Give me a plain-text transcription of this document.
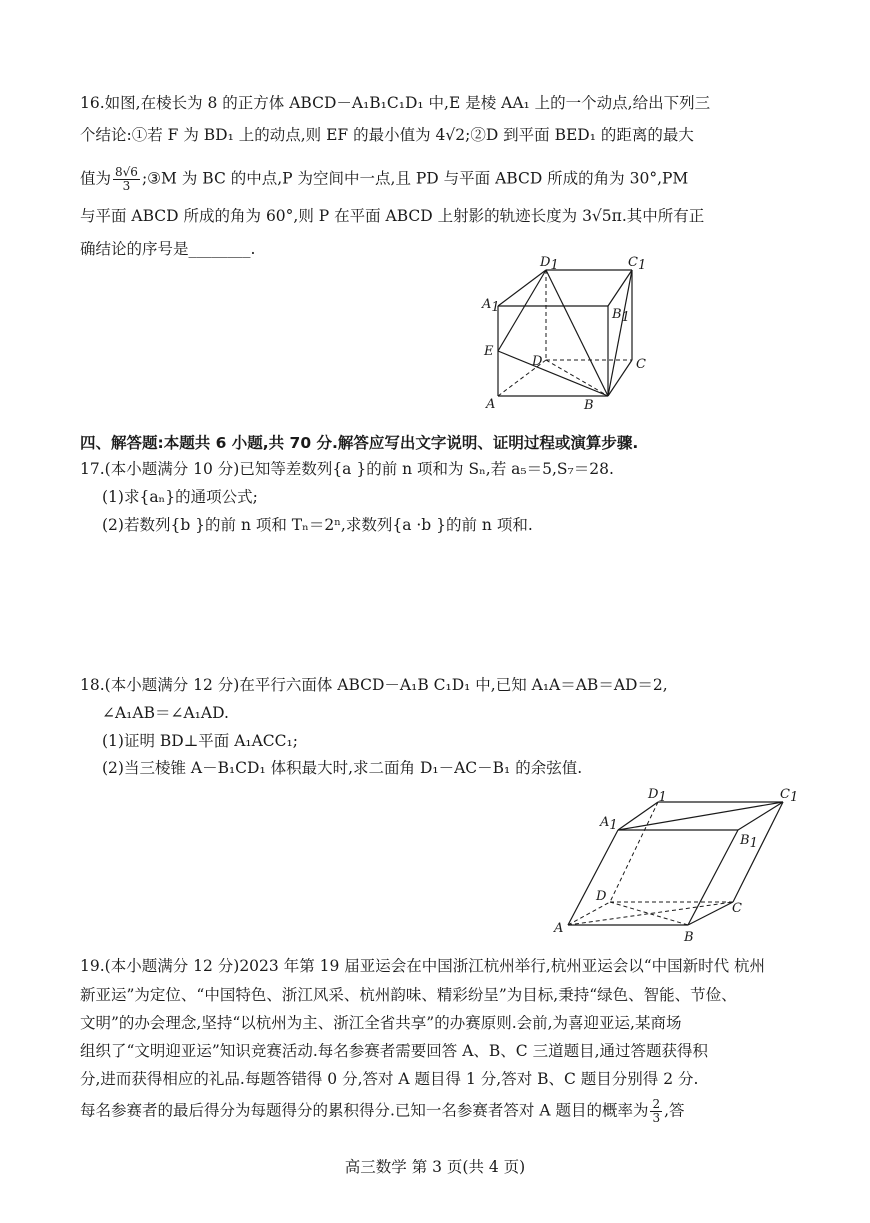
16.如图,在棱长为 8 的正方体 ABCD－A₁B₁C₁D₁ 中,E 是棱 AA₁ 上的一个动点,给出下列三
个结论:①若 F 为 BD₁ 上的动点,则 EF 的最小值为 4√2;②D 到平面 BED₁ 的距离的最大
值为 $\frac{8√6}{3}$ ;③M 为 BC 的中点,P 为空间中一点,且 PD 与平面 ABCD 所成的角为 30°,PM
与平面 ABCD 所成的角为 60°,则 P 在平面 ABCD 上射影的轨迹长度为 3√5π.其中所有正
确结论的序号是________.
D1	C1
A1	B1
E
D	C
A	B
四、解答题:本题共 6 小题,共 70 分.解答应写出文字说明、证明过程或演算步骤.
17.(本小题满分 10 分)已知等差数列{a }的前 n 项和为 Sₙ,若 a₅＝5,S₇＝28.
(1)求{aₙ}的通项公式;
(2)若数列{b }的前 n 项和 Tₙ＝2ⁿ,求数列{a ·b }的前 n 项和.
18.(本小题满分 12 分)在平行六面体 ABCD－A₁B C₁D₁ 中,已知 A₁A＝AB＝AD＝2,
∠A₁AB＝∠A₁AD.
(1)证明 BD⊥平面 A₁ACC₁;
(2)当三棱锥 A－B₁CD₁ 体积最大时,求二面角 D₁－AC－B₁ 的余弦值.
D1	C1
A1
B1
D
C
A
B
19.(本小题满分 12 分)2023 年第 19 届亚运会在中国浙江杭州举行,杭州亚运会以“中国新时代 杭州
新亚运”为定位、“中国特色、浙江风采、杭州韵味、精彩纷呈”为目标,秉持“绿色、智能、节俭、
文明”的办会理念,坚持“以杭州为主、浙江全省共享”的办赛原则.会前,为喜迎亚运,某商场
组织了“文明迎亚运”知识竞赛活动.每名参赛者需要回答 A、B、C 三道题目,通过答题获得积
分,进而获得相应的礼品.每题答错得 0 分,答对 A 题目得 1 分,答对 B、C 题目分别得 2 分.
每名参赛者的最后得分为每题得分的累积得分.已知一名参赛者答对 A 题目的概率为 $\frac{2}{3}$ ,答
高三数学 第 3 页(共 4 页)
